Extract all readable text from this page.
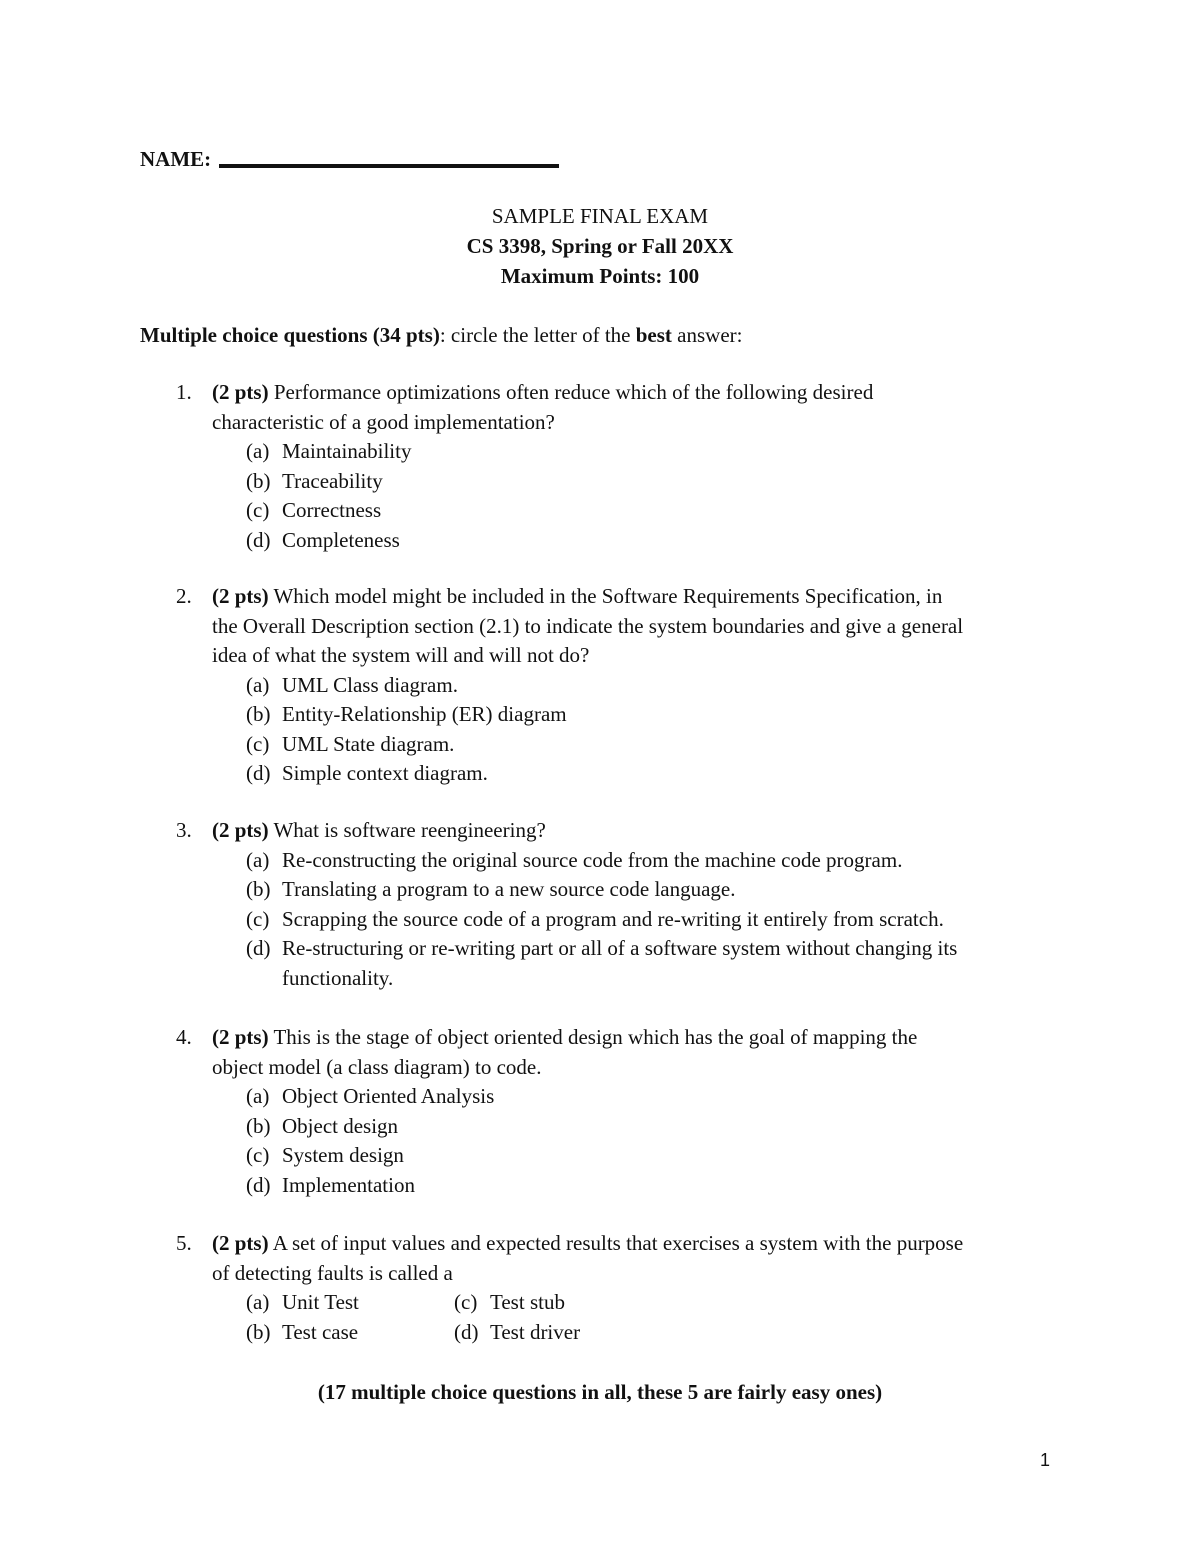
NAME:
SAMPLE FINAL EXAM
CS 3398, Spring or Fall 20XX
Maximum Points: 100
Multiple choice questions (34 pts): circle the letter of the best answer:
1. (2 pts) Performance optimizations often reduce which of the following desired
characteristic of a good implementation?
(a) Maintainability
(b) Traceability
(c) Correctness
(d) Completeness
2. (2 pts) Which model might be included in the Software Requirements Specification, in
the Overall Description section (2.1) to indicate the system boundaries and give a general
idea of what the system will and will not do?
(a) UML Class diagram.
(b) Entity-Relationship (ER) diagram
(c) UML State diagram.
(d) Simple context diagram.
3. (2 pts) What is software reengineering?
(a) Re-constructing the original source code from the machine code program.
(b) Translating a program to a new source code language.
(c) Scrapping the source code of a program and re-writing it entirely from scratch.
(d) Re-structuring or re-writing part or all of a software system without changing its
functionality.
4. (2 pts) This is the stage of object oriented design which has the goal of mapping the
object model (a class diagram) to code.
(a) Object Oriented Analysis
(b) Object design
(c) System design
(d) Implementation
5. (2 pts) A set of input values and expected results that exercises a system with the purpose
of detecting faults is called a
(a) Unit Test	(c) Test stub
(b) Test case	(d) Test driver
(17 multiple choice questions in all, these 5 are fairly easy ones)
1
